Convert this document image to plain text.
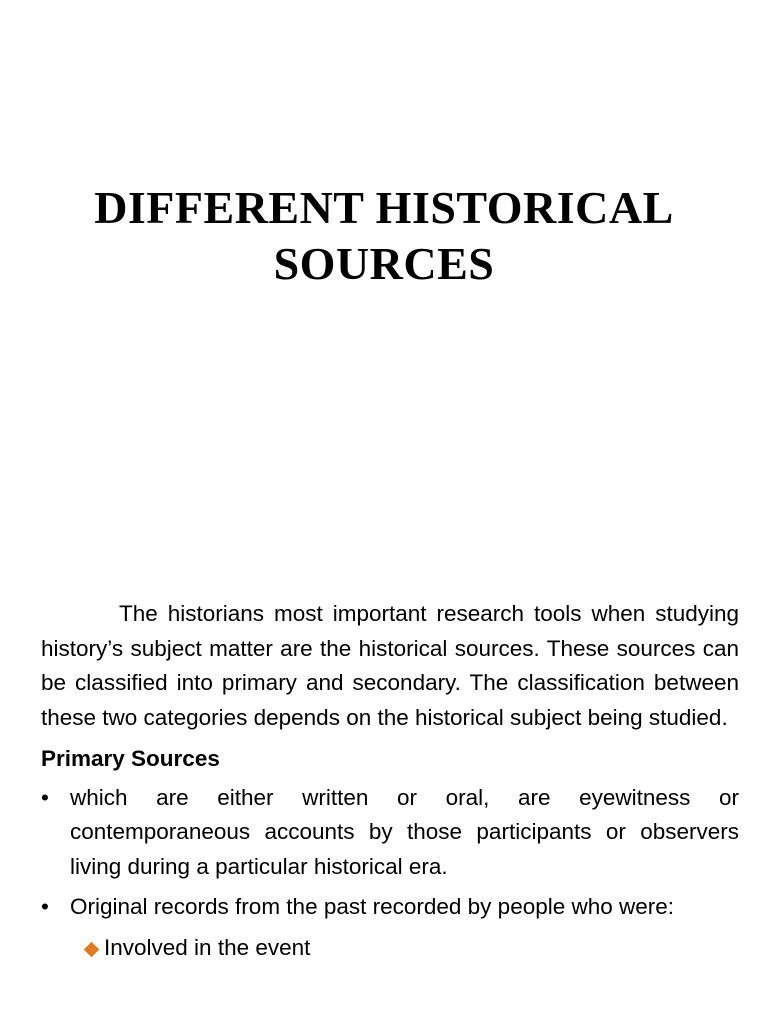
DIFFERENT HISTORICAL
SOURCES

The historians most important research tools when studying history’s subject matter are the historical sources. These sources can be classified into primary and secondary. The classification between these two categories depends on the historical subject being studied.

Primary Sources
• which are either written or oral, are eyewitness or contemporaneous accounts by those participants or observers living during a particular historical era.
• Original records from the past recorded by people who were:
Involved in the event
